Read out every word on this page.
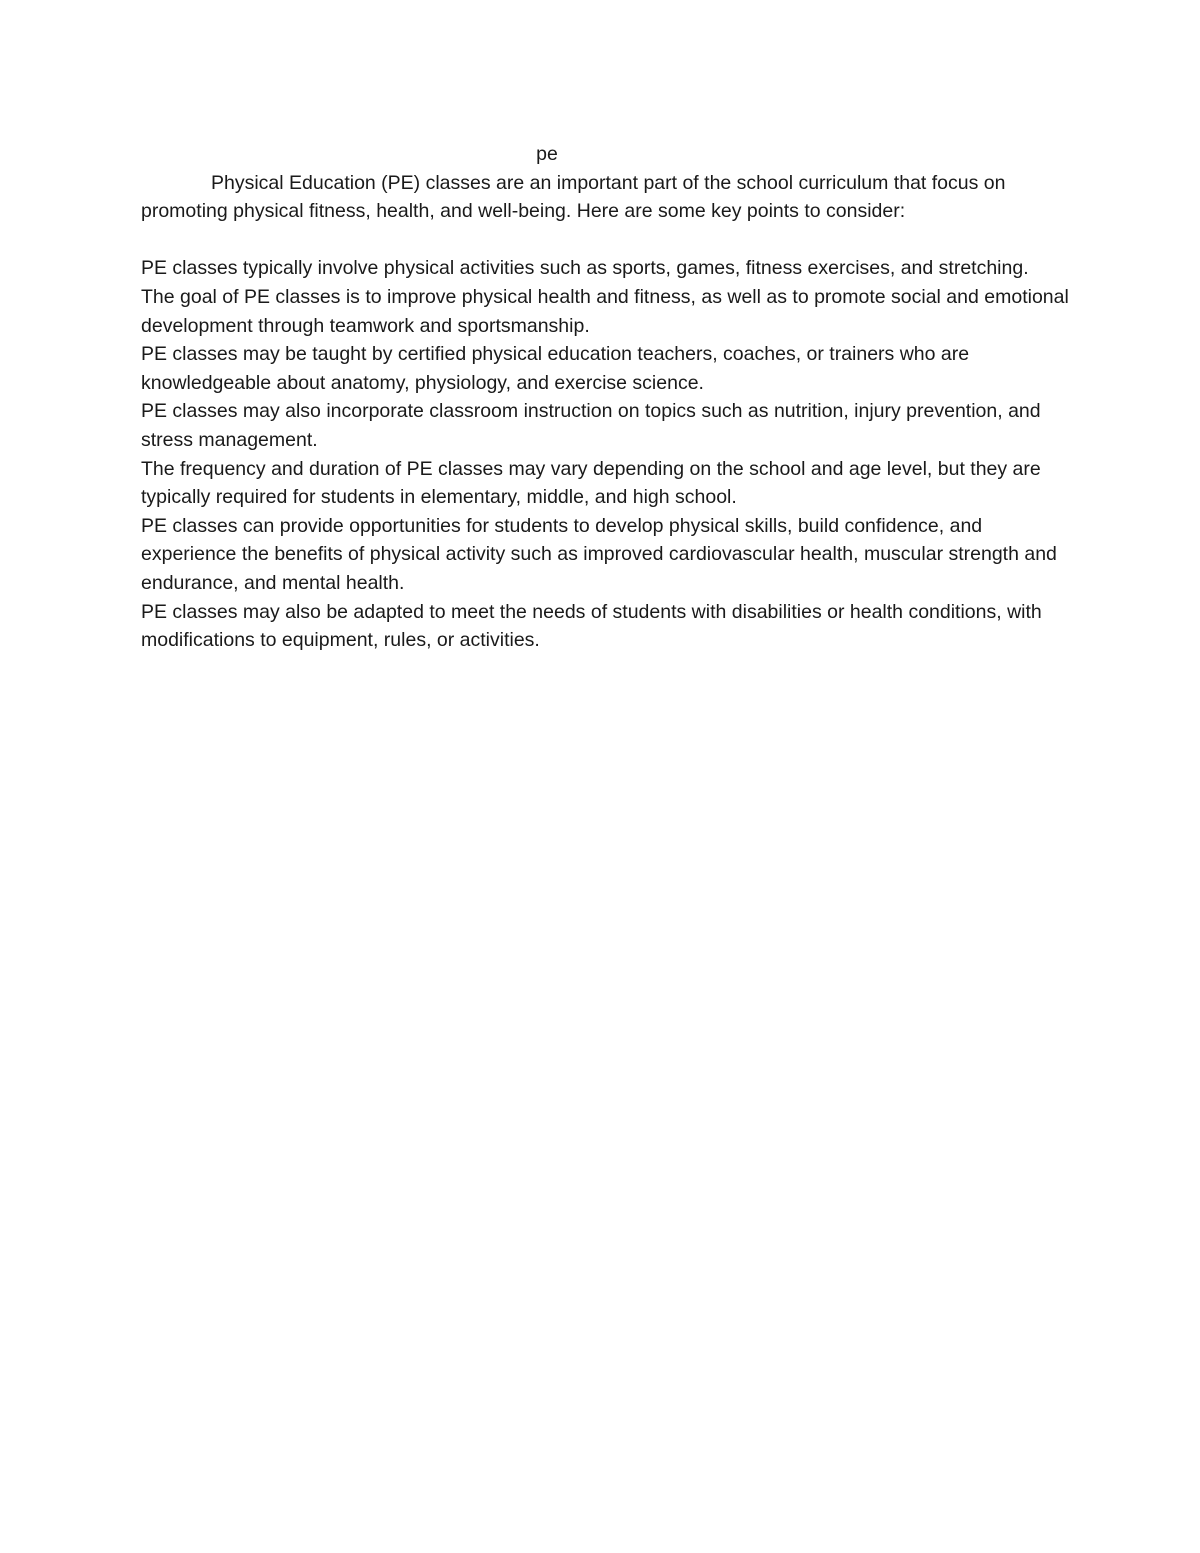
pe

Physical Education (PE) classes are an important part of the school curriculum that focus on promoting physical fitness, health, and well-being. Here are some key points to consider:

PE classes typically involve physical activities such as sports, games, fitness exercises, and stretching.

The goal of PE classes is to improve physical health and fitness, as well as to promote social and emotional development through teamwork and sportsmanship.

PE classes may be taught by certified physical education teachers, coaches, or trainers who are knowledgeable about anatomy, physiology, and exercise science.

PE classes may also incorporate classroom instruction on topics such as nutrition, injury prevention, and stress management.

The frequency and duration of PE classes may vary depending on the school and age level, but they are typically required for students in elementary, middle, and high school.

PE classes can provide opportunities for students to develop physical skills, build confidence, and experience the benefits of physical activity such as improved cardiovascular health, muscular strength and endurance, and mental health.

PE classes may also be adapted to meet the needs of students with disabilities or health conditions, with modifications to equipment, rules, or activities.
